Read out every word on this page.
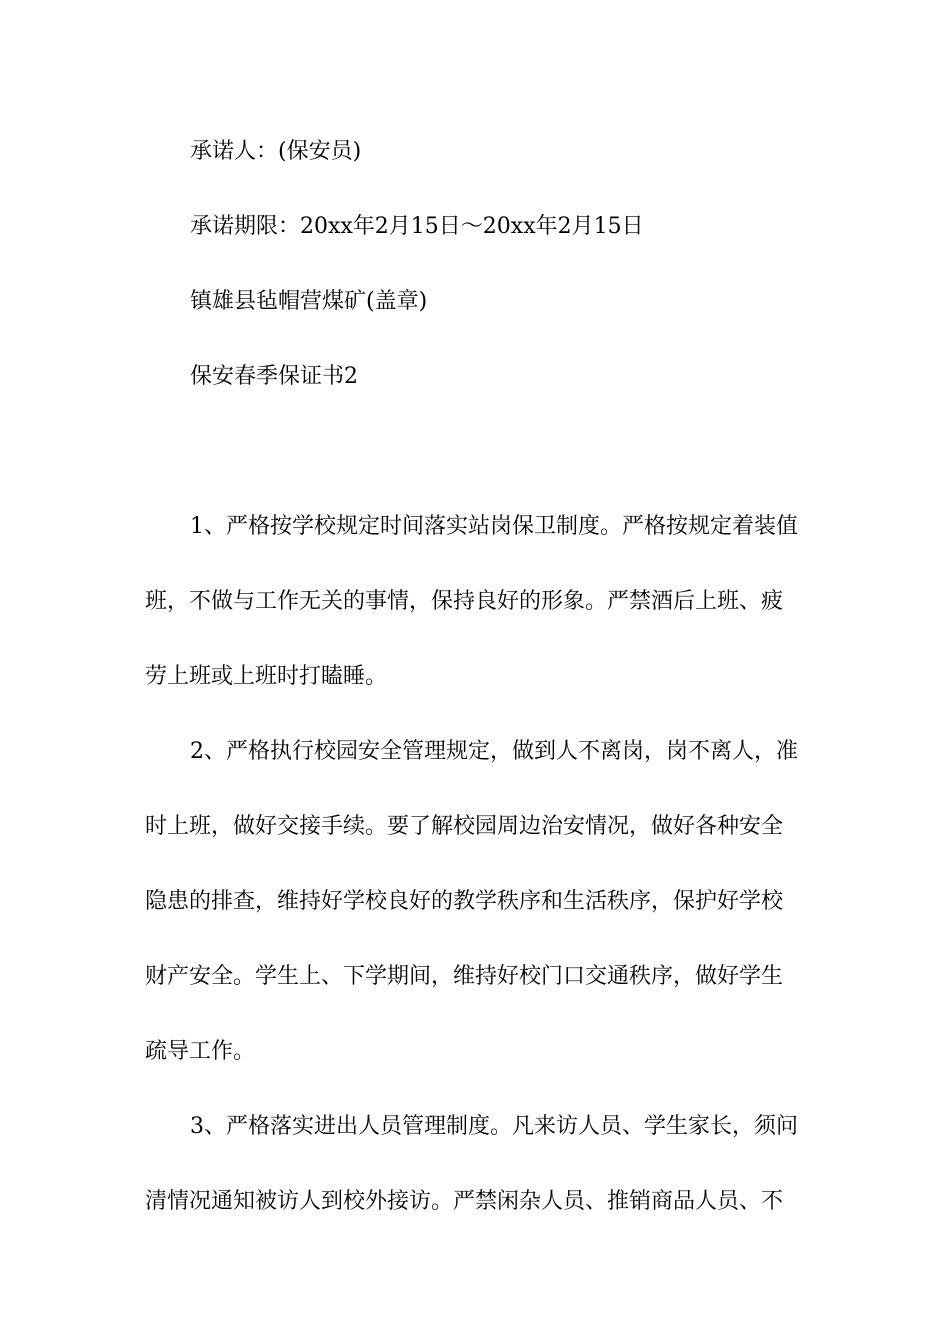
承诺人：(保安员)
承诺期限：20xx年2月15日～20xx年2月15日
镇雄县毡帽营煤矿(盖章)
保安春季保证书2
1、严格按学校规定时间落实站岗保卫制度。严格按规定着装值
班，不做与工作无关的事情，保持良好的形象。严禁酒后上班、疲
劳上班或上班时打瞌睡。
2、严格执行校园安全管理规定，做到人不离岗，岗不离人，准
时上班，做好交接手续。要了解校园周边治安情况，做好各种安全
隐患的排查，维持好学校良好的教学秩序和生活秩序，保护好学校
财产安全。学生上、下学期间，维持好校门口交通秩序，做好学生
疏导工作。
3、严格落实进出人员管理制度。凡来访人员、学生家长，须问
清情况通知被访人到校外接访。严禁闲杂人员、推销商品人员、不
